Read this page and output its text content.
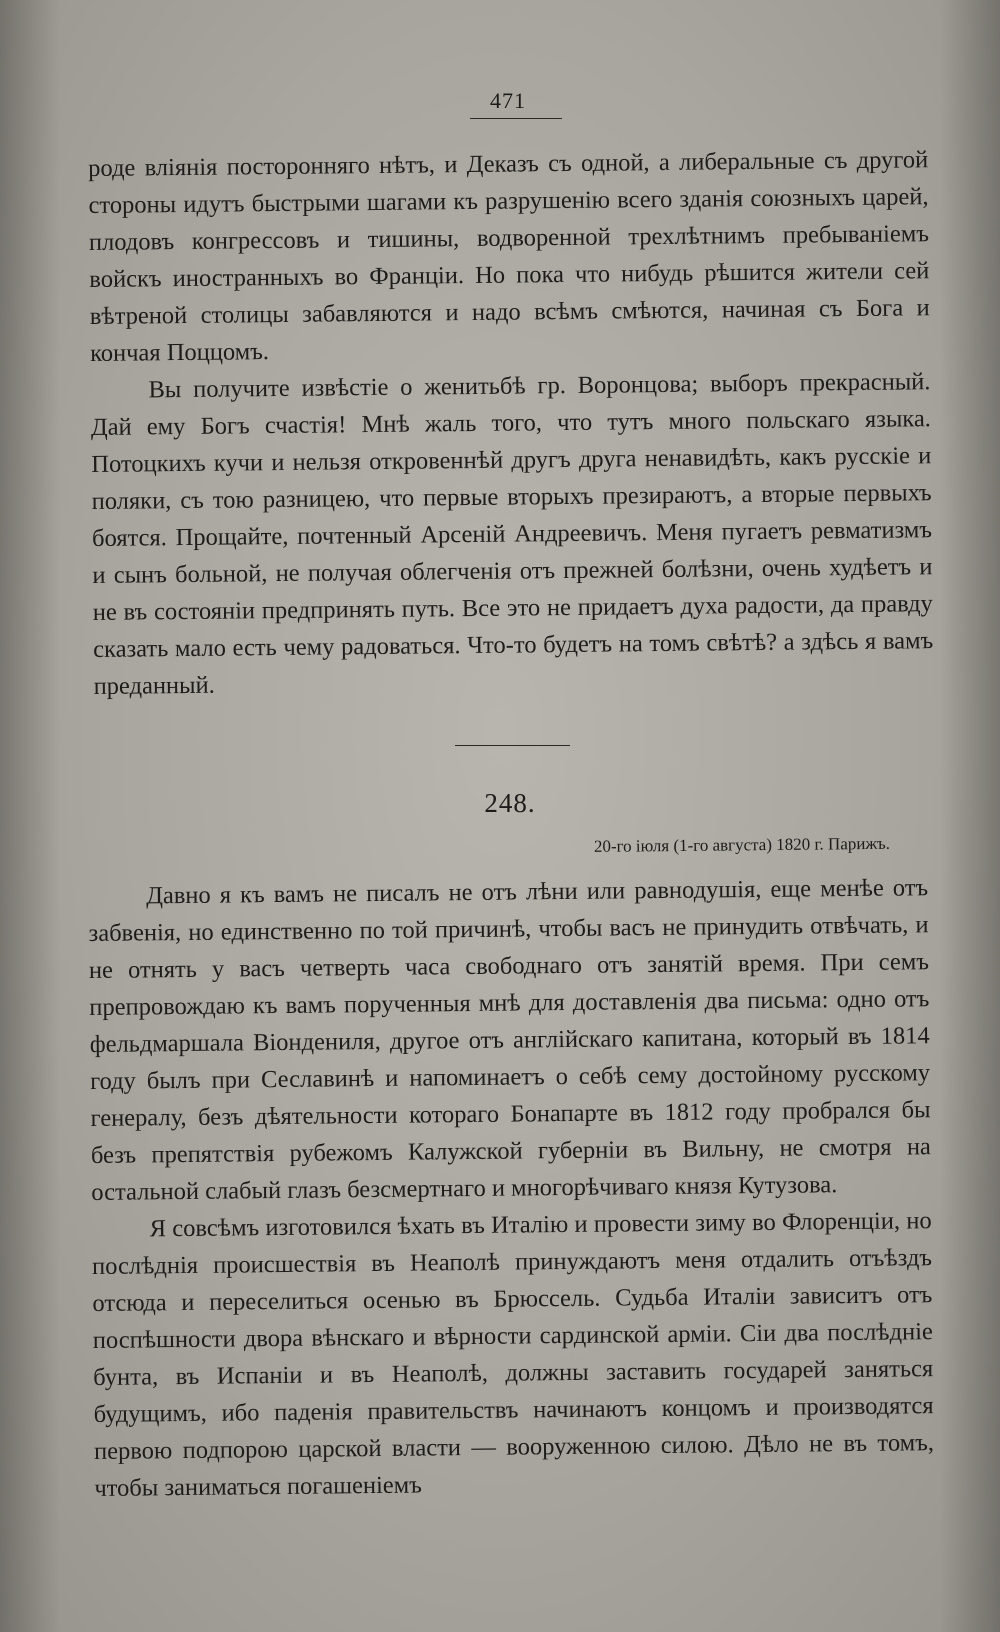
471

роде вліянія посторонняго нѣтъ, и Деказъ съ одной, а либеральные съ другой стороны идутъ быстрыми шагами къ разрушенію всего зданія союзныхъ царей, плодовъ конгрессовъ и тишины, водворенной трехлѣтнимъ пребываніемъ войскъ иностранныхъ во Франціи. Но пока что нибудь рѣшится жители сей вѣтреной столицы забавляются и надо всѣмъ смѣются, начиная съ Бога и кончая Поццомъ.

Вы получите извѣстіе о женитьбѣ гр. Воронцова; выборъ прекрасный. Дай ему Богъ счастія! Мнѣ жаль того, что тутъ много польскаго языка. Потоцкихъ кучи и нельзя откровеннѣй другъ друга ненавидѣть, какъ русскіе и поляки, съ тою разницею, что первые вторыхъ презираютъ, а вторые первыхъ боятся. Прощайте, почтенный Арсеній Андреевичъ. Меня пугаетъ ревматизмъ и сынъ больной, не получая облегченія отъ прежней болѣзни, очень худѣетъ и не въ состояніи предпринять путь. Все это не придаетъ духа радости, да правду сказать мало есть чему радоваться. Что-то будетъ на томъ свѣтѣ? а здѣсь я вамъ преданный.

248.
20-го іюля (1-го августа) 1820 г. Парижъ.

Давно я къ вамъ не писалъ не отъ лѣни или равнодушія, еще менѣе отъ забвенія, но единственно по той причинѣ, чтобы васъ не принудить отвѣчать, и не отнять у васъ четверть часа свободнаго отъ занятій время. При семъ препровождаю къ вамъ порученныя мнѣ для доставленія два письма: одно отъ фельдмаршала Віондениля, другое отъ англійскаго капитана, который въ 1814 году былъ при Сеславинѣ и напоминаетъ о себѣ сему достойному русскому генералу, безъ дѣятельности котораго Бонапарте въ 1812 году пробрался бы безъ препятствія рубежомъ Калужской губерніи въ Вильну, не смотря на остальной слабый глазъ безсмертнаго и многорѣчиваго князя Кутузова.

Я совсѣмъ изготовился ѣхать въ Италію и провести зиму во Флоренціи, но послѣднія происшествія въ Неаполѣ принуждаютъ меня отдалить отъѣздъ отсюда и переселиться осенью въ Брюссель. Судьба Италіи зависитъ отъ поспѣшности двора вѣнскаго и вѣрности сардинской арміи. Сіи два послѣдніе бунта, въ Испаніи и въ Неаполѣ, должны заставить государей заняться будущимъ, ибо паденія правительствъ начинаютъ концомъ и производятся первою подпорою царской власти — вооруженною силою. Дѣло не въ томъ, чтобы заниматься погашеніемъ
